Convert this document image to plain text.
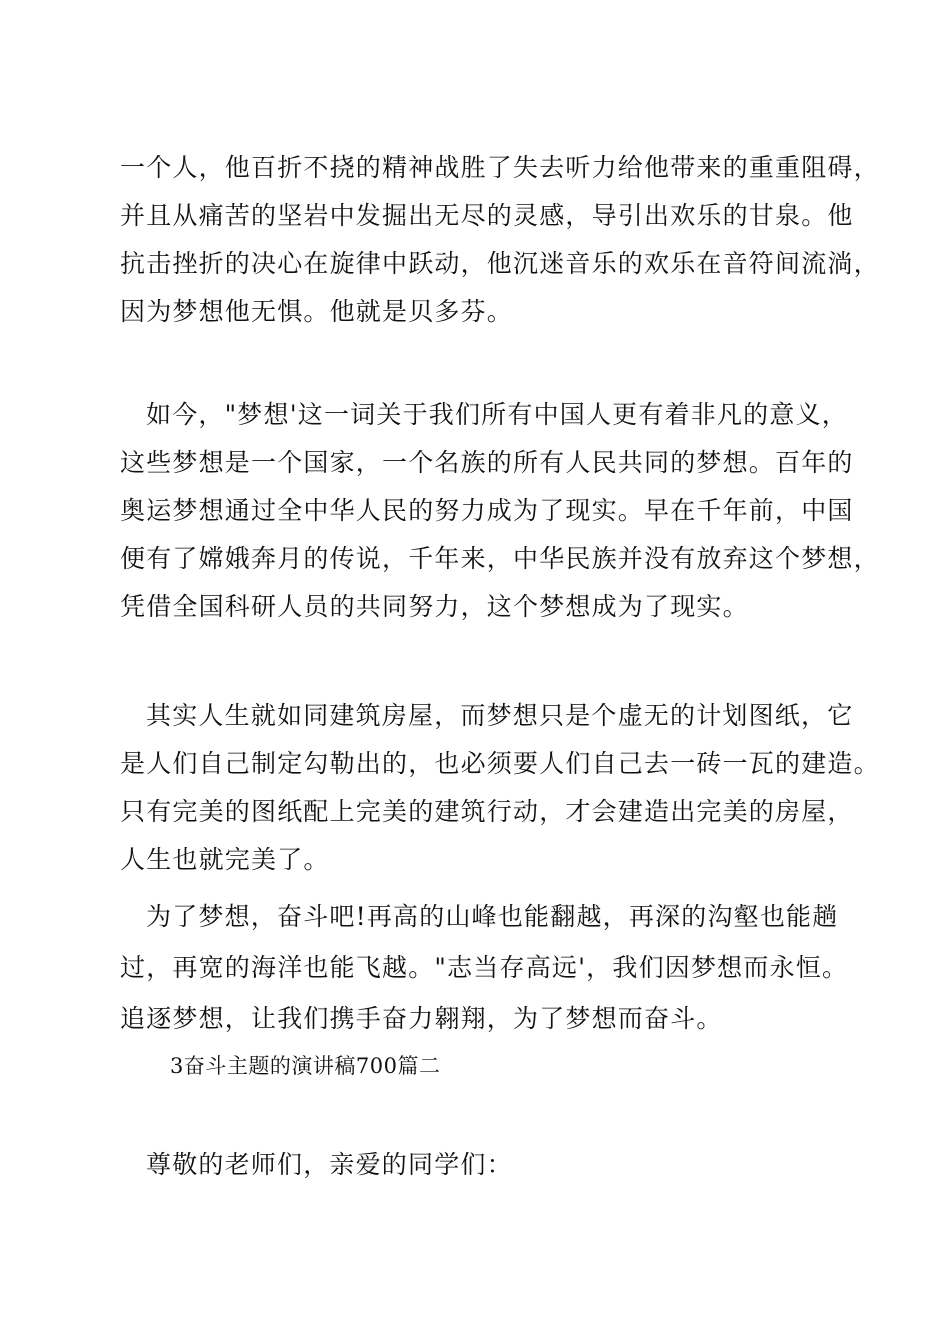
一个人，他百折不挠的精神战胜了失去听力给他带来的重重阻碍，
并且从痛苦的坚岩中发掘出无尽的灵感，导引出欢乐的甘泉。他
抗击挫折的决心在旋律中跃动，他沉迷音乐的欢乐在音符间流淌，
因为梦想他无惧。他就是贝多芬。
如今，"梦想'这一词关于我们所有中国人更有着非凡的意义，
这些梦想是一个国家，一个名族的所有人民共同的梦想。百年的
奥运梦想通过全中华人民的努力成为了现实。早在千年前，中国
便有了嫦娥奔月的传说，千年来，中华民族并没有放弃这个梦想，
凭借全国科研人员的共同努力，这个梦想成为了现实。
其实人生就如同建筑房屋，而梦想只是个虚无的计划图纸，它
是人们自己制定勾勒出的，也必须要人们自己去一砖一瓦的建造。
只有完美的图纸配上完美的建筑行动，才会建造出完美的房屋，
人生也就完美了。
为了梦想，奋斗吧!再高的山峰也能翻越，再深的沟壑也能趟
过，再宽的海洋也能飞越。"志当存高远'，我们因梦想而永恒。
追逐梦想，让我们携手奋力翱翔，为了梦想而奋斗。
3奋斗主题的演讲稿700篇二
尊敬的老师们，亲爱的同学们：
